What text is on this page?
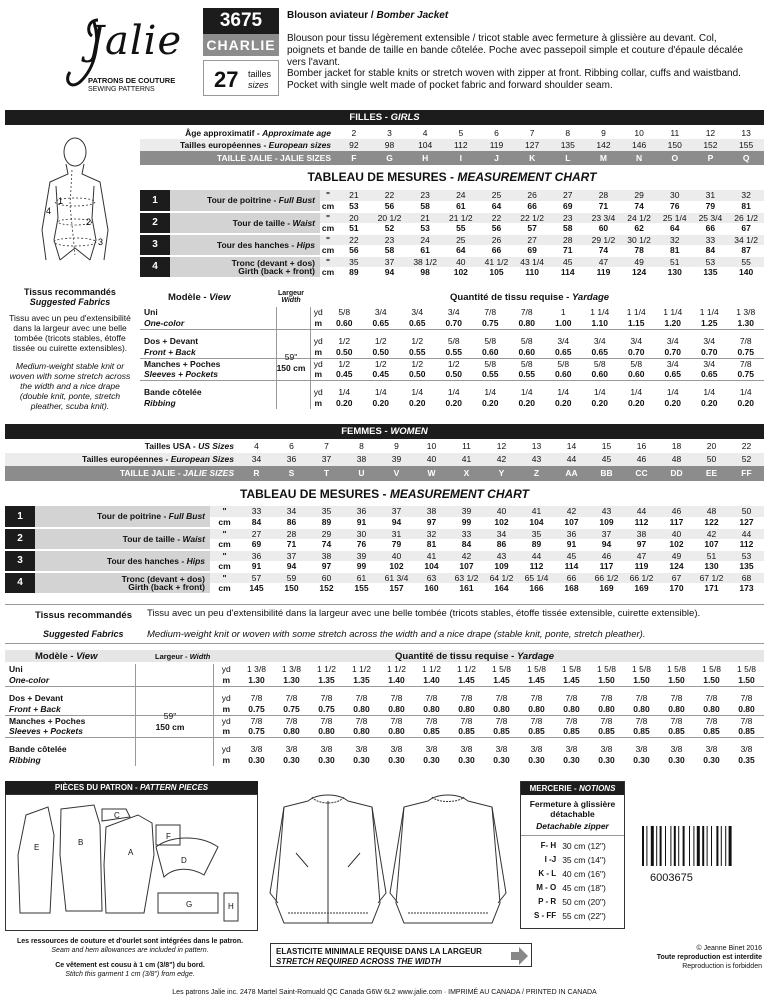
Jalie
PATRONS DE COUTURE
SEWING PATTERNS
3675
CHARLIE
27 tailles
sizes
Blouson aviateur / Bomber Jacket
Blouson pour tissu légèrement extensible / tricot stable avec fermeture à glissière au devant. Col, poignets et bande de taille en bande côtelée. Poche avec passepoil simple et couture d'épaule décalée vers l'avant.
Bomber jacket for stable knits or stretch woven with zipper at front. Ribbing collar, cuffs and waistband. Pocket with single welt made of pocket fabric and forward shoulder seam.
FILLES - GIRLS
1
2
3
4
Âge approximatif - Approximate age	2	3	4	5	6	7	8	9	10	11	12	13
Tailles européennes - European sizes	92	98	104	112	119	127	135	142	146	150	152	155
TAILLE JALIE - JALIE SIZES	F	G	H	I	J	K	L	M	N	O	P	Q
TABLEAU DE MESURES - MEASUREMENT CHART
1	Tour de poitrine - Full Bust	"	21	22	23	24	25	26	27	28	29	30	31	32
		cm	53	56	58	61	64	66	69	71	74	76	79	81
2	Tour de taille - Waist	"	20	20 1/2	21	21 1/2	22	22 1/2	23	23 3/4	24 1/2	25 1/4	25 3/4	26 1/2
		cm	51	52	53	55	56	57	58	60	62	64	66	67
3	Tour des hanches - Hips	"	22	23	24	25	26	27	28	29 1/2	30 1/2	32	33	34 1/2
		cm	56	58	61	64	66	69	71	74	78	81	84	87
4	Tronc (devant + dos)
Girth (back + front)	"	35	37	38 1/2	40	41 1/2	43 1/4	45	47	49	51	53	55
		cm	89	94	98	102	105	110	114	119	124	130	135	140
Tissus recommandés
Suggested Fabrics
Tissu avec un peu d'extensibilité dans la largeur avec une belle tombée (tricots stables, étoffe tissée ou cuirette extensibles).
Medium-weight stable knit or woven with some stretch across the width and a nice drape (double knit, ponte, stretch pleather, scuba knit).
Modèle - View	Largeur
Width	Quantité de tissu requise - Yardage
Uni		yd	5/8	3/4	3/4	3/4	7/8	7/8	1	1 1/4	1 1/4	1 1/4	1 1/4	1 3/8
One-color		m	0.60	0.65	0.65	0.70	0.75	0.80	1.00	1.10	1.15	1.20	1.25	1.30

Dos + Devant		yd	1/2	1/2	1/2	5/8	5/8	5/8	3/4	3/4	3/4	3/4	3/4	7/8
Front + Back		m	0.50	0.50	0.55	0.55	0.60	0.60	0.65	0.65	0.70	0.70	0.70	0.75
Manches + Poches		yd	1/2	1/2	1/2	1/2	5/8	5/8	5/8	5/8	5/8	3/4	3/4	7/8
Sleeves + Pockets		m	0.45	0.45	0.50	0.50	0.55	0.55	0.60	0.60	0.60	0.65	0.65	0.75

Bande côtelée		yd	1/4	1/4	1/4	1/4	1/4	1/4	1/4	1/4	1/4	1/4	1/4	1/4
Ribbing		m	0.20	0.20	0.20	0.20	0.20	0.20	0.20	0.20	0.20	0.20	0.20	0.20
59"
150 cm
FEMMES - WOMEN
Tailles USA - US Sizes	4	6	7	8	9	10	11	12	13	14	15	16	18	20	22
Tailles européennes - European Sizes	34	36	37	38	39	40	41	42	43	44	45	46	48	50	52
TAILLE JALIE - JALIE SIZES	R	S	T	U	V	W	X	Y	Z	AA	BB	CC	DD	EE	FF
TABLEAU DE MESURES - MEASUREMENT CHART
1	Tour de poitrine - Full Bust	"	33	34	35	36	37	38	39	40	41	42	43	44	46	48	50
		cm	84	86	89	91	94	97	99	102	104	107	109	112	117	122	127
2	Tour de taille - Waist	"	27	28	29	30	31	32	33	34	35	36	37	38	40	42	44
		cm	69	71	74	76	79	81	84	86	89	91	94	97	102	107	112
3	Tour des hanches - Hips	"	36	37	38	39	40	41	42	43	44	45	46	47	49	51	53
		cm	91	94	97	99	102	104	107	109	112	114	117	119	124	130	135
4	Tronc (devant + dos)
Girth (back + front)	"	57	59	60	61	61 3/4	63	63 1/2	64 1/2	65 1/4	66	66 1/2	66 1/2	67	67 1/2	68
		cm	145	150	152	155	157	160	161	164	166	168	169	169	170	171	173
Tissus recommandés
Suggested Fabrics
Tissu avec un peu d'extensibilité dans la largeur avec une belle tombée (tricots stables, étoffe tissée extensible, cuirette extensible).
Medium-weight knit or woven with some stretch across the width and a nice drape (stable knit, ponte, stretch pleather).
Modèle - View	Largeur - Width	Quantité de tissu requise - Yardage
Uni		yd	1 3/8	1 3/8	1 1/2	1 1/2	1 1/2	1 1/2	1 1/2	1 5/8	1 5/8	1 5/8	1 5/8	1 5/8	1 5/8	1 5/8	1 5/8
One-color		m	1.30	1.30	1.35	1.35	1.40	1.40	1.45	1.45	1.45	1.45	1.50	1.50	1.50	1.50	1.50

Dos + Devant		yd	7/8	7/8	7/8	7/8	7/8	7/8	7/8	7/8	7/8	7/8	7/8	7/8	7/8	7/8	7/8
Front + Back		m	0.75	0.75	0.75	0.80	0.80	0.80	0.80	0.80	0.80	0.80	0.80	0.80	0.80	0.80	0.80
Manches + Poches		yd	7/8	7/8	7/8	7/8	7/8	7/8	7/8	7/8	7/8	7/8	7/8	7/8	7/8	7/8	7/8
Sleeves + Pockets		m	0.75	0.80	0.80	0.80	0.80	0.85	0.85	0.85	0.85	0.85	0.85	0.85	0.85	0.85	0.85

Bande côtelée		yd	3/8	3/8	3/8	3/8	3/8	3/8	3/8	3/8	3/8	3/8	3/8	3/8	3/8	3/8	3/8
Ribbing		m	0.30	0.30	0.30	0.30	0.30	0.30	0.30	0.30	0.30	0.30	0.30	0.30	0.30	0.30	0.35
59"
150 cm
PIÈCES DU PATRON - PATTERN PIECES
E
B
A
C
D
F
G	H
MERCERIE - NOTIONS
Fermeture à glissière détachable
Detachable zipper
F- H	30 cm (12")
I -J	35 cm (14")
K - L	40 cm (16")
M - O	45 cm (18")
P - R	50 cm (20")
S - FF	55 cm (22")
6003675
Les ressources de couture et d'ourlet sont intégrées dans le patron.
Seam and hem allowances are included in pattern.
Ce vêtement est cousu à 1 cm (3/8") du bord.
Stitch this garment 1 cm (3/8") from edge.
ELASTICITE MINIMALE REQUISE DANS LA LARGEUR
STRETCH REQUIRED ACROSS THE WIDTH
© Jeanne Binet 2016
Toute reproduction est interdite
Reproduction is forbidden
Les patrons Jalie inc. 2478 Martel Saint-Romuald QC Canada G6W 6L2 www.jalie.com · IMPRIMÉ AU CANADA / PRINTED IN CANADA
